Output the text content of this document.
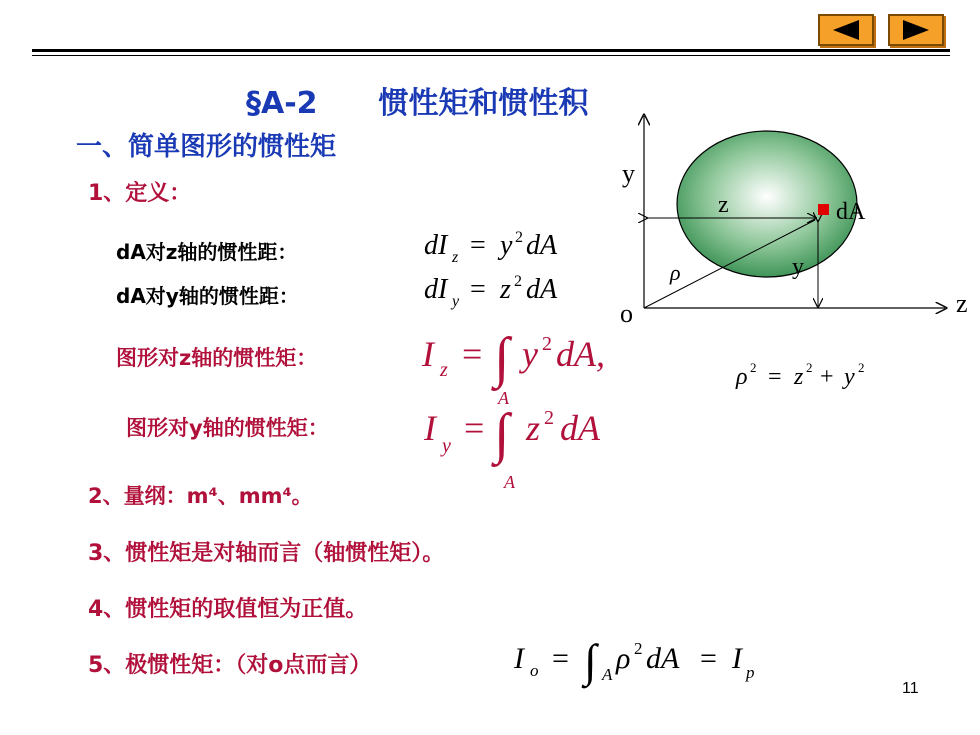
§A-2 惯性矩和惯性积
一、简单图形的惯性矩
1、定义：
dA对z轴的惯性距：
dA对y轴的惯性距：
图形对z轴的惯性矩：
图形对y轴的惯性矩：
2、量纲：m⁴、mm⁴。
3、惯性矩是对轴而言（轴惯性矩）。
4、惯性矩的取值恒为正值。
5、极惯性矩：（对o点而言）
dI z = y 2 dA
dI y = z 2 dA
I z = ∫ y 2 dA,
A
I y = ∫ z 2 dA
A
ρ 2 = z 2 + y 2
I o = ∫ A ρ 2 dA = I p
y
o
z
y
ρ
dA
z
11
